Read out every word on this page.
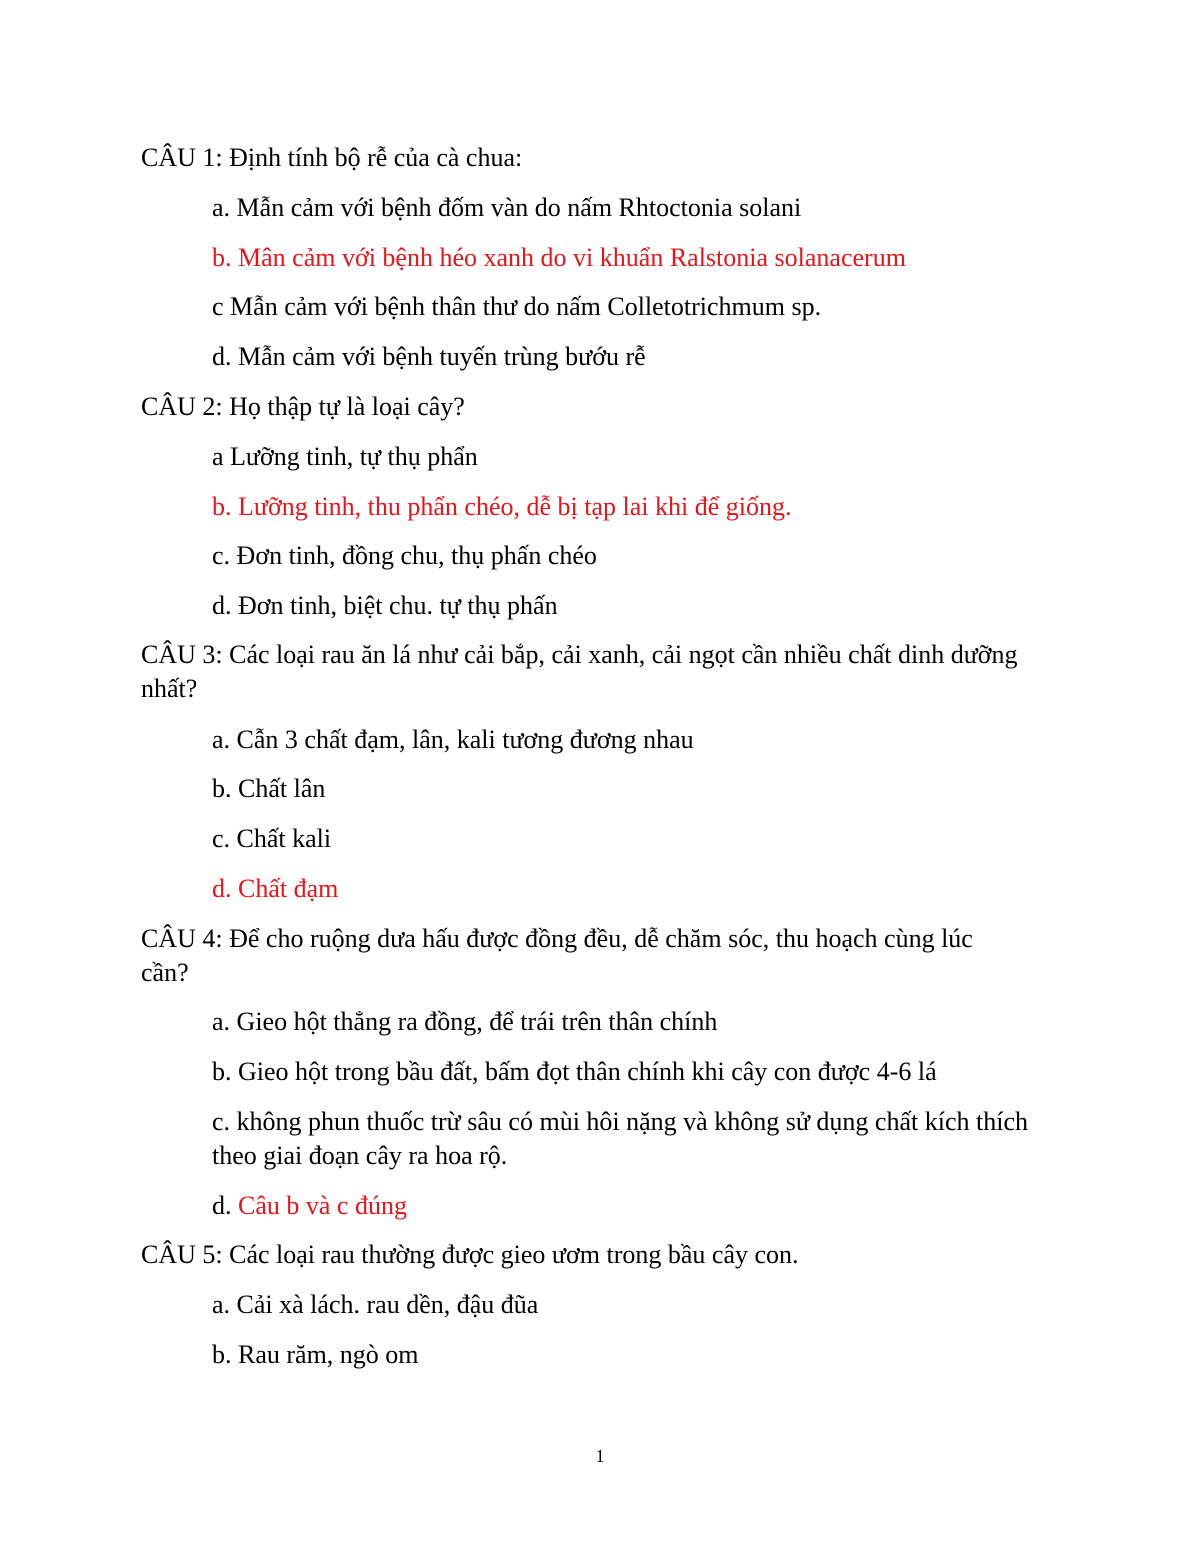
CÂU 1: Định tính bộ rễ của cà chua:
a. Mẫn cảm với bệnh đốm vàn do nấm Rhtoctonia solani
b. Mân cảm với bệnh héo xanh do vi khuẩn Ralstonia solanacerum
c Mẫn cảm với bệnh thân thư do nấm Colletotrichmum sp.
d. Mẫn cảm với bệnh tuyến trùng bướu rễ
CÂU 2: Họ thập tự là loại cây?
a Lưỡng tinh, tự thụ phẩn
b. Lưỡng tinh, thu phẩn chéo, dễ bị tạp lai khi để giống.
c. Đơn tinh, đồng chu, thụ phấn chéo
d. Đơn tinh, biệt chu. tự thụ phấn
CÂU 3: Các loại rau ăn lá như cải bắp, cải xanh, cải ngọt cần nhiều chất dinh dưỡng nhất?
a. Cẫn 3 chất đạm, lân, kali tương đương nhau
b. Chất lân
c. Chất kali
d. Chất đạm
CÂU 4: Để cho ruộng dưa hấu được đồng đều, dễ chăm sóc, thu hoạch cùng lúc cần?
a. Gieo hột thẳng ra đồng, để trái trên thân chính
b. Gieo hột trong bầu đất, bấm đọt thân chính khi cây con được 4-6 lá
c. không phun thuốc trừ sâu có mùi hôi nặng và không sử dụng chất kích thích theo giai đoạn cây ra hoa rộ.
d. Câu b và c đúng
CÂU 5: Các loại rau thường được gieo ươm trong bầu cây con.
a. Cải xà lách. rau dền, đậu đũa
b. Rau răm, ngò om
1
